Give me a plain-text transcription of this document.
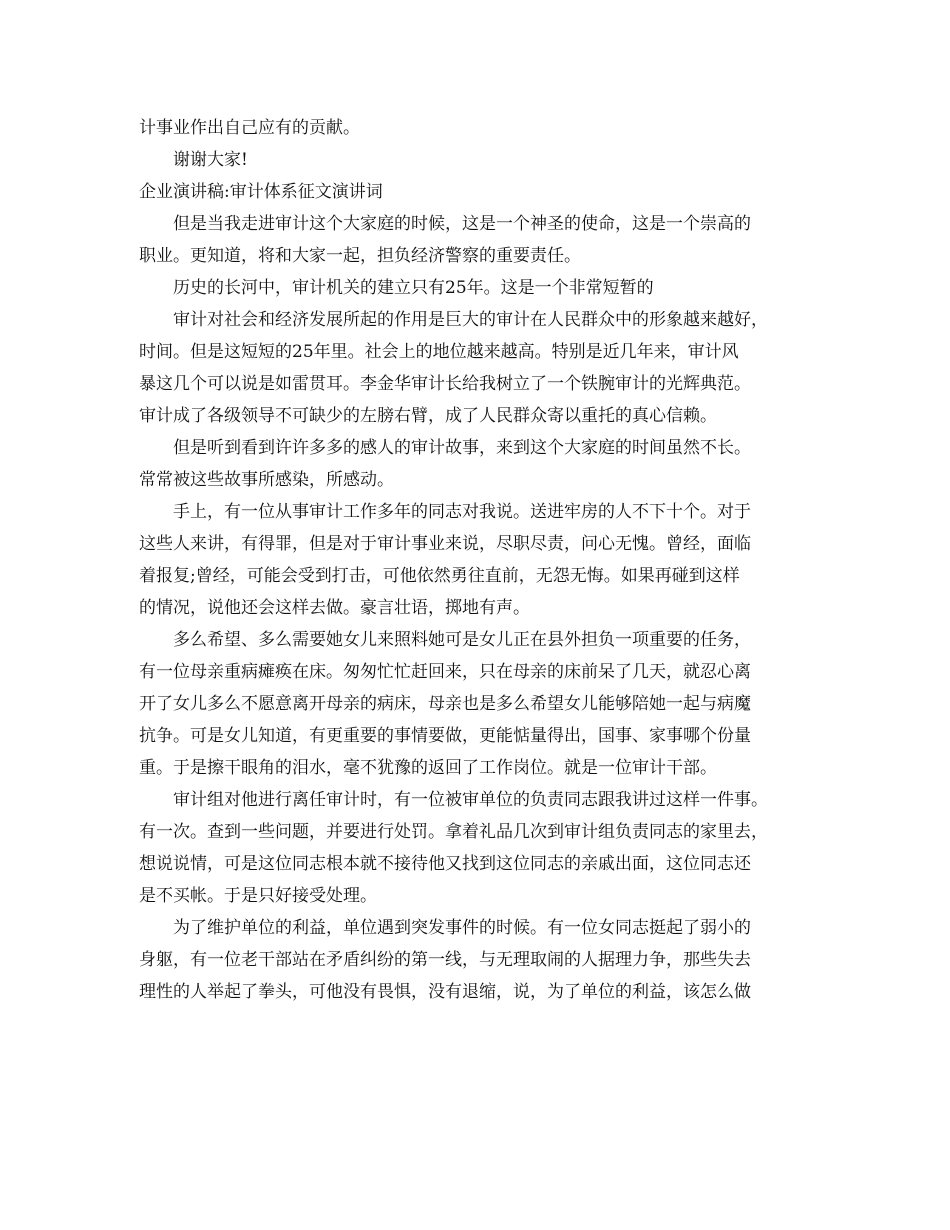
计事业作出自己应有的贡献。
谢谢大家!
企业演讲稿:审计体系征文演讲词
但是当我走进审计这个大家庭的时候，这是一个神圣的使命，这是一个崇高的
职业。更知道，将和大家一起，担负经济警察的重要责任。
历史的长河中，审计机关的建立只有25年。这是一个非常短暂的
审计对社会和经济发展所起的作用是巨大的审计在人民群众中的形象越来越好，
时间。但是这短短的25年里。社会上的地位越来越高。特别是近几年来，审计风
暴这几个可以说是如雷贯耳。李金华审计长给我树立了一个铁腕审计的光辉典范。
审计成了各级领导不可缺少的左膀右臂，成了人民群众寄以重托的真心信赖。
但是听到看到许许多多的感人的审计故事，来到这个大家庭的时间虽然不长。
常常被这些故事所感染，所感动。
手上，有一位从事审计工作多年的同志对我说。送进牢房的人不下十个。对于
这些人来讲，有得罪，但是对于审计事业来说，尽职尽责，问心无愧。曾经，面临
着报复;曾经，可能会受到打击，可他依然勇往直前，无怨无悔。如果再碰到这样
的情况，说他还会这样去做。豪言壮语，掷地有声。
多么希望、多么需要她女儿来照料她可是女儿正在县外担负一项重要的任务，
有一位母亲重病瘫痪在床。匆匆忙忙赶回来，只在母亲的床前呆了几天，就忍心离
开了女儿多么不愿意离开母亲的病床，母亲也是多么希望女儿能够陪她一起与病魔
抗争。可是女儿知道，有更重要的事情要做，更能惦量得出，国事、家事哪个份量
重。于是擦干眼角的泪水，毫不犹豫的返回了工作岗位。就是一位审计干部。
审计组对他进行离任审计时，有一位被审单位的负责同志跟我讲过这样一件事。
有一次。查到一些问题，并要进行处罚。拿着礼品几次到审计组负责同志的家里去，
想说说情，可是这位同志根本就不接待他又找到这位同志的亲戚出面，这位同志还
是不买帐。于是只好接受处理。
为了维护单位的利益，单位遇到突发事件的时候。有一位女同志挺起了弱小的
身躯，有一位老干部站在矛盾纠纷的第一线，与无理取闹的人据理力争，那些失去
理性的人举起了拳头，可他没有畏惧，没有退缩，说，为了单位的利益，该怎么做
